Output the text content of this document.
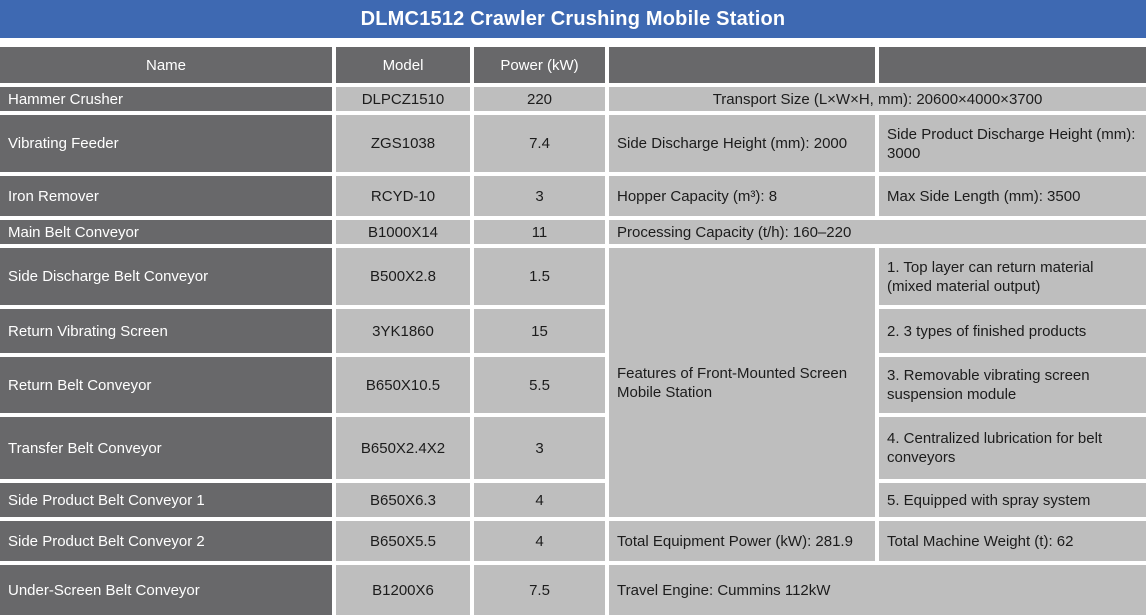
DLMC1512 Crawler Crushing Mobile Station
Name	Model	Power (kW)		
Hammer Crusher	DLPCZ1510	220	Transport Size (L×W×H, mm): 20600×4000×3700	
Vibrating Feeder	ZGS1038	7.4	Side Discharge Height (mm): 2000	Side Product Discharge Height (mm): 3000
Iron Remover	RCYD-10	3	Hopper Capacity (m³): 8	Max Side Length (mm): 3500
Main Belt Conveyor	B1000X14	11	Processing Capacity (t/h): 160–220	
Side Discharge Belt Conveyor	B500X2.8	1.5	Features of Front-Mounted Screen Mobile Station	1. Top layer can return material (mixed material output)
Return Vibrating Screen	3YK1860	15		2. 3 types of finished products
Return Belt Conveyor	B650X10.5	5.5		3. Removable vibrating screen suspension module
Transfer Belt Conveyor	B650X2.4X2	3		4. Centralized lubrication for belt conveyors
Side Product Belt Conveyor 1	B650X6.3	4		5. Equipped with spray system
Side Product Belt Conveyor 2	B650X5.5	4	Total Equipment Power (kW): 281.9	Total Machine Weight (t): 62
Under-Screen Belt Conveyor	B1200X6	7.5	Travel Engine: Cummins 112kW	
